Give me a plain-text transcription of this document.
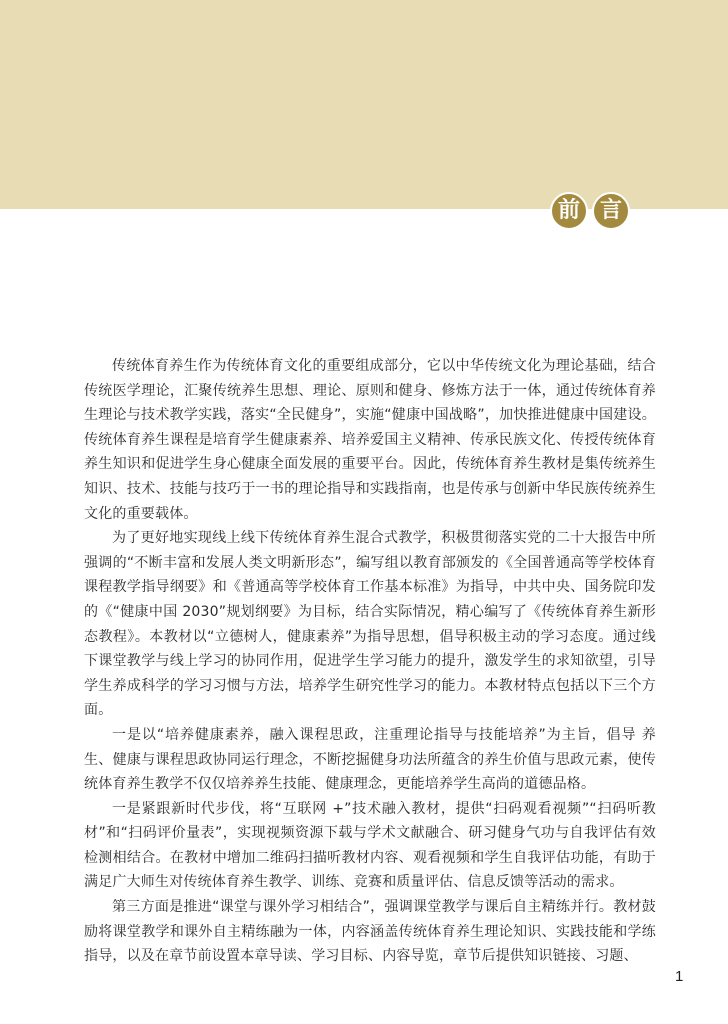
前 言

传统体育养生作为传统体育文化的重要组成部分，它以中华传统文化为理论基础，结合传统医学理论，汇聚传统养生思想、理论、原则和健身、修炼方法于一体，通过传统体育养生理论与技术教学实践，落实“全民健身”，实施“健康中国战略”，加快推进健康中国建设。传统体育养生课程是培育学生健康素养、培养爱国主义精神、传承民族文化、传授传统体育养生知识和促进学生身心健康全面发展的重要平台。因此，传统体育养生教材是集传统养生知识、技术、技能与技巧于一书的理论指导和实践指南，也是传承与创新中华民族传统养生文化的重要载体。

为了更好地实现线上线下传统体育养生混合式教学，积极贯彻落实党的二十大报告中所强调的“不断丰富和发展人类文明新形态”，编写组以教育部颁发的《全国普通高等学校体育课程教学指导纲要》和《普通高等学校体育工作基本标准》为指导，中共中央、国务院印发的《“健康中国 2030”规划纲要》为目标，结合实际情况，精心编写了《传统体育养生新形态教程》。本教材以“立德树人，健康素养”为指导思想，倡导积极主动的学习态度。通过线下课堂教学与线上学习的协同作用，促进学生学习能力的提升，激发学生的求知欲望，引导学生养成科学的学习习惯与方法，培养学生研究性学习的能力。本教材特点包括以下三个方面。

一是以“培养健康素养，融入课程思政，注重理论指导与技能培养”为主旨，倡导 养生、健康与课程思政协同运行理念，不断挖掘健身功法所蕴含的养生价值与思政元素，使传统体育养生教学不仅仅培养养生技能、健康理念，更能培养学生高尚的道德品格。

一是紧跟新时代步伐，将“互联网 +”技术融入教材，提供“扫码观看视频”“扫码听教材”和“扫码评价量表”，实现视频资源下载与学术文献融合、研习健身气功与自我评估有效检测相结合。在教材中增加二维码扫描听教材内容、观看视频和学生自我评估功能，有助于满足广大师生对传统体育养生教学、训练、竞赛和质量评估、信息反馈等活动的需求。

第三方面是推进“课堂与课外学习相结合”，强调课堂教学与课后自主精练并行。教材鼓励将课堂教学和课外自主精练融为一体，内容涵盖传统体育养生理论知识、实践技能和学练指导，以及在章节前设置本章导读、学习目标、内容导览，章节后提供知识链接、习题、

1
